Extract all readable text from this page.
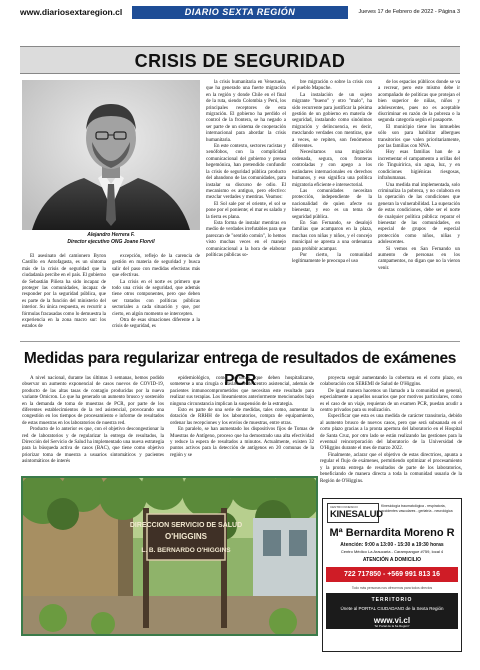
www.diariosextaregion.cl	DIARIO SEXTA REGIÓN	Jueves 17 de Febrero de 2022 - Página 3
CRISIS DE SEGURIDAD
Alejandro Herrera F.
Director ejecutivo ONG Joane Florvil

El asesinato del camionero Byron Castillo en Antofagasta, es un síntoma más de la crisis de seguridad que la ciudadanía percibe en el país. El gobierno de Sebastián Piñera ha sido incapaz de proteger las comunidades, incapaz de responder por la seguridad pública, que es parte de la función del ministerio del interior. Su única respuesta, es recurrir a fórmulas fracasadas como lo demuestra la experiencia en la zona macro sur: los estados de

excepción, reflejo de la carencia de gestión en materia de seguridad y busca salir del paso con medidas efectistas más que efectivas.

La crisis en el norte es primero que todo una crisis de seguridad, que además tiene otros componentes, pero que deben ser tratados con políticas públicas sectoriales a cada situación y que, por cierto, en algún momento se intercepten.

Otra de esas situaciones diferente a la crisis de seguridad, es

la crisis humanitaria en Venezuela, que ha generado una fuerte migración en la región y donde Chile en el final de la ruta, siendo Colombia y Perú, los principales receptores de esta migración. El gobierno ha perdido el control de la frontera, se ha negado a ser parte de un sistema de cooperación internacional para abordar la crisis humanitaria.

En este contexto, sectores racistas y xenófobos, con la complicidad comunicacional del gobierno y prensa hegemónica, han pretendido confundir la crisis de seguridad pública producto del abandono de las comunidades, para instalar su discurso de odio. El mecanismo es antiguo, pero efectivo: mezclar verdades y mentiras. Veamos:

El Sol sale por el oriente, el sol se pone por el poniente; el mar es salado y la tierra es plana.

Esta forma de instalar mentiras en medio de verdades irrefutables para que parezcan de "sentido común", lo hemos visto muchas veces en el manejo comunicacional a la hora de elaborar políticas públicas so-

bre migración o sobre la crisis con el pueblo Mapuche.

La instalación de un sujeto migrante "bueno" y otro "malo", ha sido recurrente para justificar la pésima gestión de un gobierno en materia de seguridad, instalando como sinónimos migración y delincuencia, es decir, mezclando verdades con mentiras, que a veces, se repiten, son fenómenos diferentes.

Necesitamos una migración ordenada, segura, con fronteras controladas y con apego a los estándares internacionales en derechos humanos, y eso significa una política migratoria eficiente e intersectorial.

Las comunidades necesitan protección, independiente de la nacionalidad de quien afecte su bienestar, y eso es un tema de seguridad pública.

En San Fernando, se desalojó familias que acamparon en la plaza, muchas con niñas y niños, y el concejo municipal se apresta a una ordenanza para prohibir acampar.

Por cierto, la comunidad legítimamente le preocupa el uso

de los espacios públicos donde se va a recrear, pero este mismo debe ir acompañado de políticas que protejan el bien superior de niñas, niños y adolescentes, pues no es aceptable discriminar en razón de la pobreza o la segunda categoría según el pasaporte.

El municipio tiene los inmuebles sólo son para habilitar albergues transitorios que valen prioritariamente, por las familias con NNA.

Hoy esas familias han de a incrementar el campamento a orillas del río Tinguiririca, sin agua, luz, y en condiciones higiénicas riesgosas, infrahumanas.

Una medida mal implementada, solo criminaliza la pobreza, y no colabora en la operación de las condiciones que generan la vulnerabilidad. La superación de estas condiciones, debe ser el norte de cualquier política pública: reparar el bienestar de las comunidades, en especial de grupos de especial protección como niños, niñas y adolescentes.

Si vemos en San Fernando un aumento de personas en los campamentos, no digan que no la vieron venir.

Medidas para regularizar entrega de resultados de exámenes PCR

A nivel nacional, durante las últimas 3 semanas, hemos podido observar un aumento exponencial de casos nuevos de COVID-19, producto de las altas tasas de contagio producidas por la nueva variante Omicron. Lo que ha generado un aumento brusco y sostenido en la demanda de toma de muestras de PCR, por parte de los diferentes establecimientos de la red asistencial, provocando una congestión en los tiempos de procesamiento e informe de resultados de estas muestras en los laboratorios de nuestra red.

Producto de lo anterior es que, con el objetivo descongestionar la red de laboratorios y de regularizar la entrega de resultados, la Dirección del Servicio de Salud ha implementado una nueva estrategia para la búsqueda activa de casos (BAC), que tiene como objetivo priorizar toma de muestra a usuarios sintomáticos y pacientes asintomáticos de interés

epidemiológico, como personas que deben hospitalizarse, someterse a una cirugía o trasladarse de centro asistencial, además de pacientes inmunocomprometidos que necesitan este resultado para realizar sus terapias. Los lineamientos anteriormente mencionados bajo ninguna circunstancia implican la suspensión de la estrategia.

Esto es parte de una serie de medidas, tales como, aumentar la dotación de RRHH de los laboratorios, compra de equipamiento, ordenar las recepciones y los envíos de muestras, entre otras.

En paralelo, se han aumentado los dispositivos fijos de Tomas de Muestras de Antígeno, proceso que ha demostrado una alta efectividad y reduce la espera de resultados a minutos. Actualmente, existen 32 puntos activos para la detección de antígenos en 20 comunas de la región y se

proyecta seguir aumentando la cobertura en el corto plazo, en colaboración con SEREMI de Salud de O'Higgins.

De igual manera hacemos un llamado a la comunidad en general, especialmente a aquellos usuarios que por motivos particulares, como es el caso de un viaje, requieran de un examen PCR, puedan acudir a centro privados para su realización.

Especificar que esta es una medida de carácter transitoria, debido al aumento brusco de nuevos casos, pero que será subsanada en el corto plazo gracias a la pronta apertura del laboratorio en el Hospital de Santa Cruz, por otro lado se están realizando las gestiones para la eventual reincorporación del laboratorio de la Universidad de O'Higgins durante el mes de marzo 2022.

Finalmente, aclarar que el objetivo de estas directrices, apunta a regular el flujo de exámenes, permitiendo optimizar el procesamiento y la pronta entrega de resultados de parte de los laboratorios, beneficiando de manera directa a toda la comunidad usuaria de la Región de O'Higgins.

DIRECCION SERVICIO DE SALUD
O'HIGGINS
L. B. BERNARDO O'HIGGINS
CENTRO KINESICO
KINESALUD
Kinesiología traumatológica - respiratoria, accidentes vasculares - geriatría - neurológica
Mª Bernardita Moreno R
Atención: 9:00 a 13:00 - 15:30 a 19:30 horas
Centro Médico La Araucaria - Carampangue #759, local 4
ATENCIÓN A DOMICILIO
722 717850 - +569 991 813 16
Todo más personas nos ofrecemos para todos directos
TERRITORIO
Únete al PORTAL CIUDADANO de la Sexta Región
www.vi.cl
"El Portal de la 6a Región"
